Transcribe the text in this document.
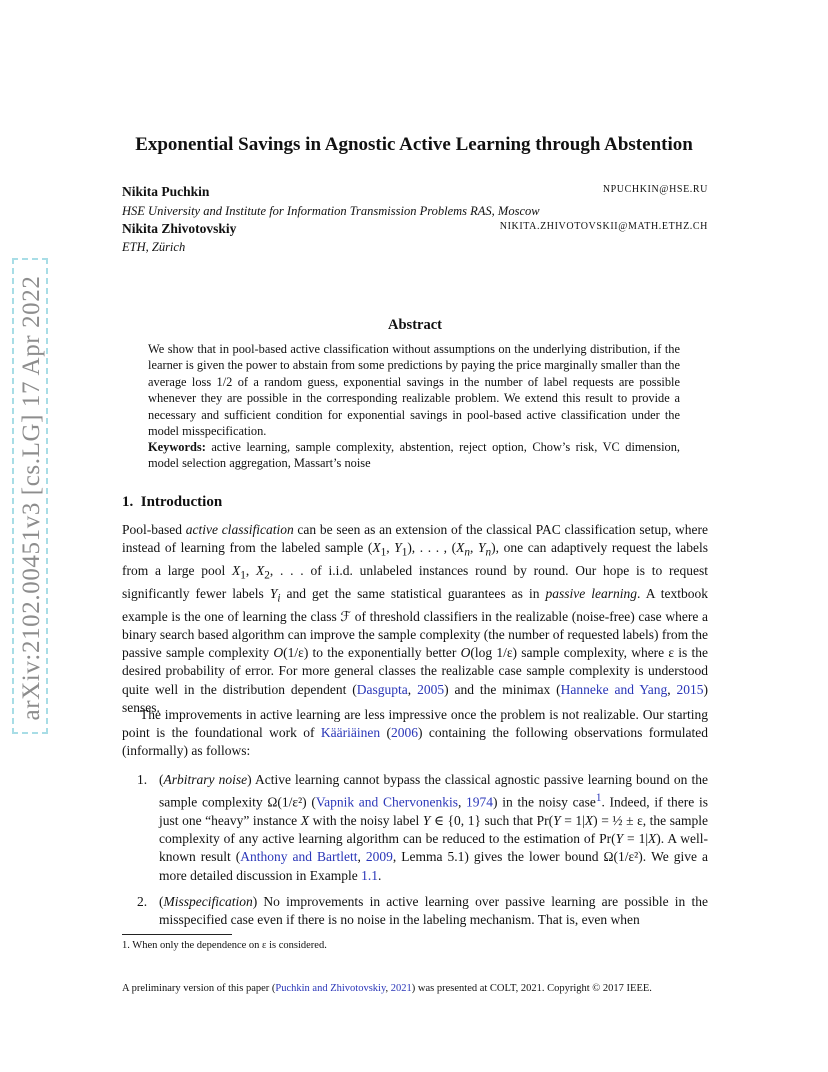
arXiv:2102.00451v3 [cs.LG] 17 Apr 2022
Exponential Savings in Agnostic Active Learning through Abstention
Nikita Puchkin	NPUCHKIN@HSE.RU
HSE University and Institute for Information Transmission Problems RAS, Moscow
Nikita Zhivotovskiy	NIKITA.ZHIVOTOVSKII@MATH.ETHZ.CH
ETH, Zürich
Abstract
We show that in pool-based active classification without assumptions on the underlying distribution, if the learner is given the power to abstain from some predictions by paying the price marginally smaller than the average loss 1/2 of a random guess, exponential savings in the number of label requests are possible whenever they are possible in the corresponding realizable problem. We extend this result to provide a necessary and sufficient condition for exponential savings in pool-based active classification under the model misspecification.
Keywords: active learning, sample complexity, abstention, reject option, Chow’s risk, VC dimension, model selection aggregation, Massart’s noise
1. Introduction
Pool-based active classification can be seen as an extension of the classical PAC classification setup, where instead of learning from the labeled sample ($X_1$, $Y_1$), . . . , ($X_n$, $Y_n$), one can adaptively request the labels from a large pool $X_1$, $X_2$, . . . of i.i.d. unlabeled instances round by round. Our hope is to request significantly fewer labels $Y_i$ and get the same statistical guarantees as in passive learning. A textbook example is the one of learning the class ℱ of threshold classifiers in the realizable (noise-free) case where a binary search based algorithm can improve the sample complexity (the number of requested labels) from the passive sample complexity O(1/ε) to the exponentially better O(log 1/ε) sample complexity, where ε is the desired probability of error. For more general classes the realizable case sample complexity is understood quite well in the distribution dependent (Dasgupta, 2005) and the minimax (Hanneke and Yang, 2015) senses.
The improvements in active learning are less impressive once the problem is not realizable. Our starting point is the foundational work of Kääriäinen (2006) containing the following observations formulated (informally) as follows:
1. (Arbitrary noise) Active learning cannot bypass the classical agnostic passive learning bound on the sample complexity Ω(1/ε²) (Vapnik and Chervonenkis, 1974) in the noisy case$^1$. Indeed, if there is just one “heavy” instance X with the noisy label Y ∈ {0, 1} such that Pr(Y = 1|X) = ½ ± ε, the sample complexity of any active learning algorithm can be reduced to the estimation of Pr(Y = 1|X). A well-known result (Anthony and Bartlett, 2009, Lemma 5.1) gives the lower bound Ω(1/ε²). We give a more detailed discussion in Example 1.1.
2. (Misspecification) No improvements in active learning over passive learning are possible in the misspecified case even if there is no noise in the labeling mechanism. That is, even when
1. When only the dependence on ε is considered.
A preliminary version of this paper (Puchkin and Zhivotovskiy, 2021) was presented at COLT, 2021. Copyright © 2017 IEEE.
